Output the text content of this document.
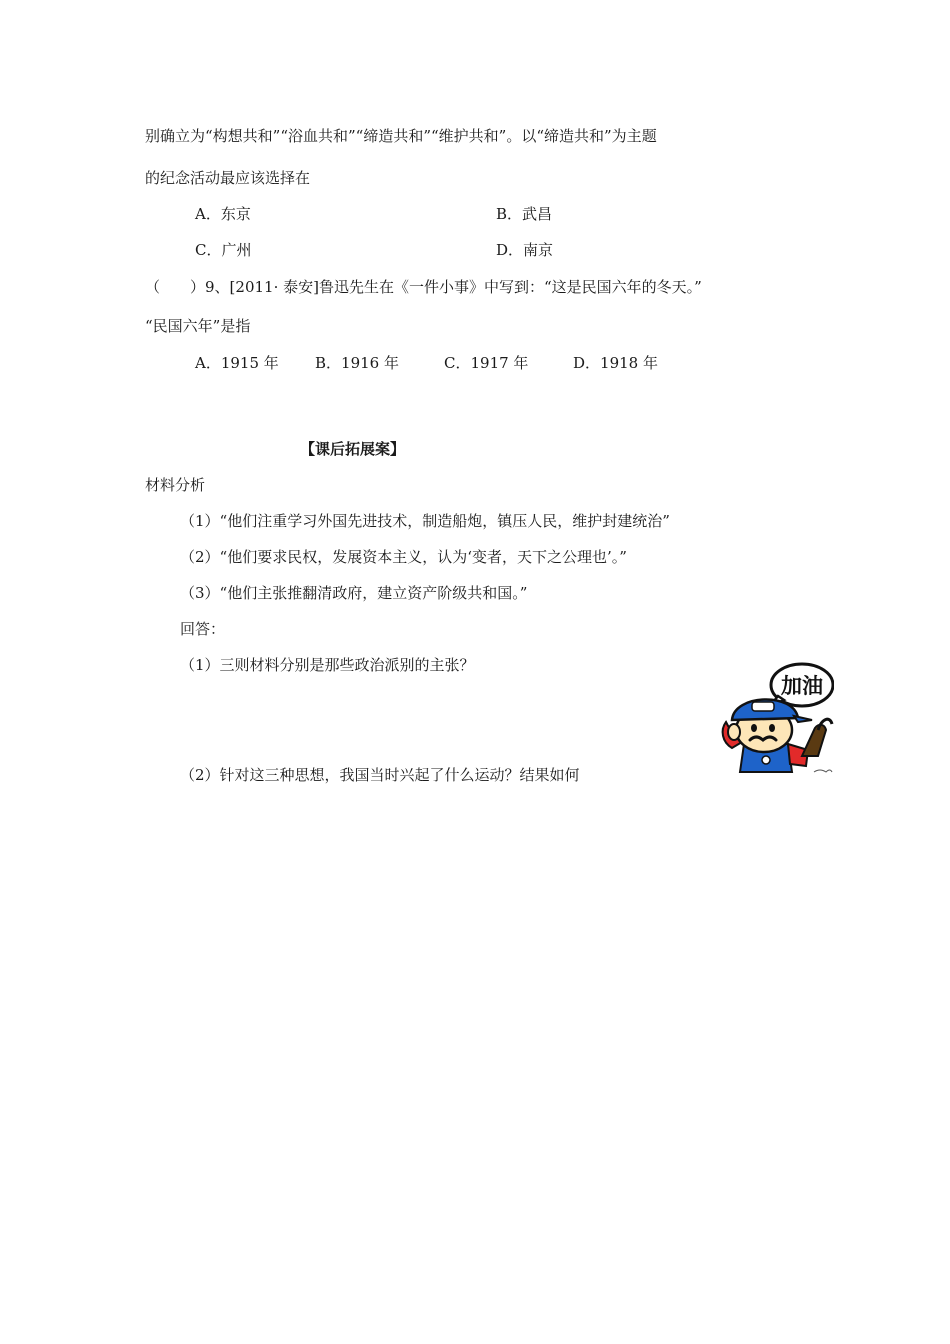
别确立为“构想共和”“浴血共和”“缔造共和”“维护共和”。以“缔造共和”为主题
的纪念活动最应该选择在
A．东京	B．武昌
C．广州	D．南京
（　　）9、[2011· 泰安]鲁迅先生在《一件小事》中写到：“这是民国六年的冬天。”
“民国六年”是指
A．1915 年 B．1916 年	C．1917 年	D．1918 年
【课后拓展案】
材料分析
（1）“他们注重学习外国先进技术，制造船炮，镇压人民，维护封建统治”
（2）“他们要求民权，发展资本主义，认为‘变者，天下之公理也’。”
（3）“他们主张推翻清政府，建立资产阶级共和国。”
回答：
（1）三则材料分别是那些政治派别的主张？
（2）针对这三种思想，我国当时兴起了什么运动？结果如何
加油
